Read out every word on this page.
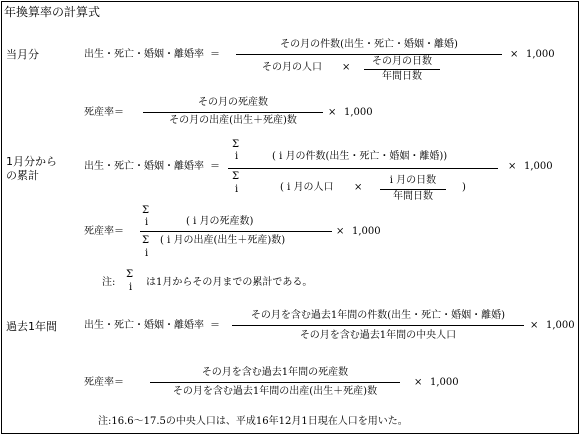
年換算率の計算式
当月分	出生・死亡・婚姻・離婚率 ＝
その月の件数(出生・死亡・婚姻・離婚)
その月の人口 ×
その月の日数
年間日数
× 1,000
死産率＝
その月の死産数
その月の出産(出生＋死産)数
× 1,000
1月分から
の累計
出生・死亡・婚姻・離婚率 ＝
Σ
i	( i 月の件数(出生・死亡・婚姻・離婚))
Σ
i	( i 月の人口 ×
i 月の日数
年間日数
)
× 1,000
死産率＝
Σ
i	( i 月の死産数)
Σ
i
( i 月の出産(出生＋死産)数)
× 1,000
注:
Σ
i は1月からその月までの累計である。
過去1年間	出生・死亡・婚姻・離婚率 ＝
その月を含む過去1年間の件数(出生・死亡・婚姻・離婚)
その月を含む過去1年間の中央人口
× 1,000
死産率＝
その月を含む過去1年間の死産数
その月を含む過去1年間の出産(出生＋死産)数
× 1,000
注:16.6～17.5の中央人口は、平成16年12月1日現在人口を用いた。
